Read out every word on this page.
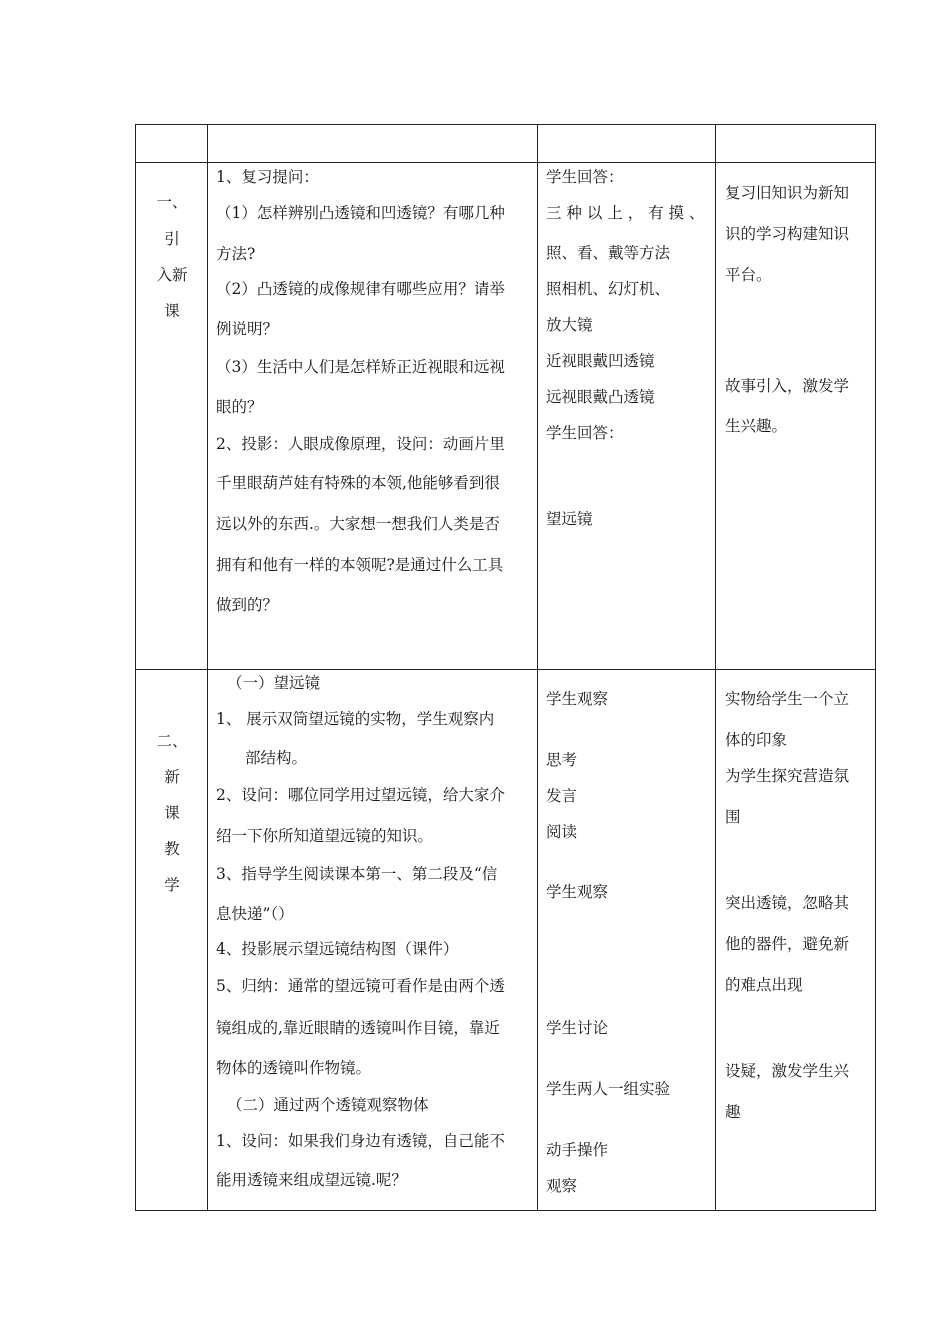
一、
引
入新
课
1、复习提问：
（1）怎样辨别凸透镜和凹透镜？有哪几种
方法?
（2）凸透镜的成像规律有哪些应用？请举
例说明？
（3）生活中人们是怎样矫正近视眼和远视
眼的？
2、投影：人眼成像原理，设问：动画片里
千里眼葫芦娃有特殊的本领,他能够看到很
远以外的东西.。大家想一想我们人类是否
拥有和他有一样的本领呢?是通过什么工具
做到的？
学生回答：
三 种 以 上 ， 有 摸 、
照、看、戴等方法
照相机、幻灯机、
放大镜
近视眼戴凹透镜
远视眼戴凸透镜
学生回答：
望远镜
复习旧知识为新知
识的学习构建知识
平台。
故事引入，激发学
生兴趣。
二、
新
课
教
学
（一）望远镜
1、 展示双筒望远镜的实物，学生观察内
部结构。
2、设问：哪位同学用过望远镜，给大家介
绍一下你所知道望远镜的知识。
3、指导学生阅读课本第一、第二段及“信
息快递”（）
4、投影展示望远镜结构图（课件）
5、归纳：通常的望远镜可看作是由两个透
镜组成的,靠近眼睛的透镜叫作目镜，靠近
物体的透镜叫作物镜。
（二）通过两个透镜观察物体
1、设问：如果我们身边有透镜，自己能不
能用透镜来组成望远镜.呢？
学生观察
思考
发言
阅读
学生观察
学生讨论
学生两人一组实验
动手操作
观察
实物给学生一个立
体的印象
为学生探究营造氛
围
突出透镜，忽略其
他的器件，避免新
的难点出现
设疑，激发学生兴
趣
